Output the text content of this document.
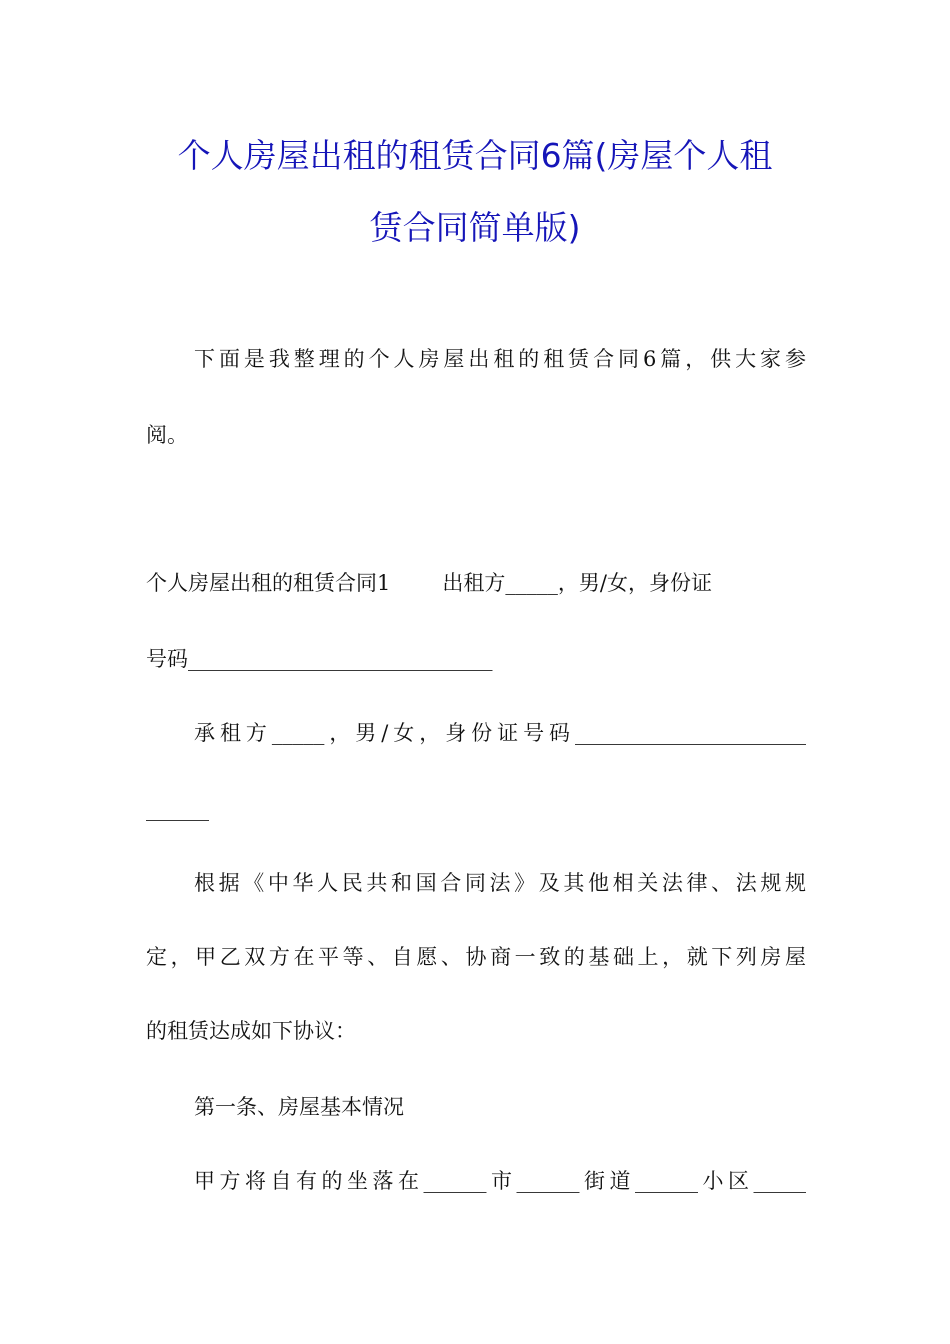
个人房屋出租的租赁合同6篇(房屋个人租
赁合同简单版)
下面是我整理的个人房屋出租的租赁合同6篇，供大家参
阅。
个人房屋出租的租赁合同1 出租方_____，男/女，身份证
号码_____________________________
承租方_____，男/女，身份证号码______________________
______
根据《中华人民共和国合同法》及其他相关法律、法规规
定，甲乙双方在平等、自愿、协商一致的基础上，就下列房屋
的租赁达成如下协议：
第一条、房屋基本情况
甲方将自有的坐落在______市______街道______小区_____
